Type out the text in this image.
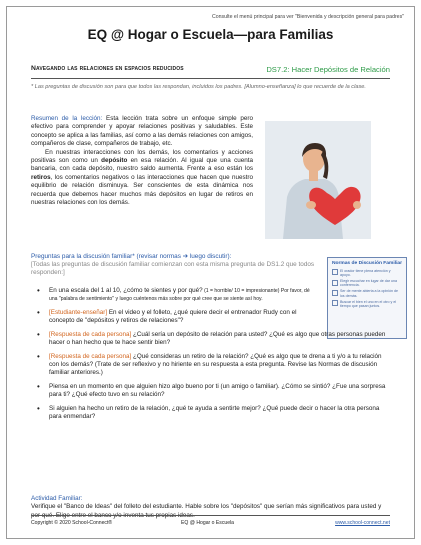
Consulte el menú principal para ver "Bienvenida y descripción general para padres"
EQ @ Hogar o Escuela—para Familias
Navegando las relaciones en espacios reducidos	DS7.2: Hacer Depósitos de Relación
* Las preguntas de discusión son para que todos las respondan, incluidos los padres. [Alumno-enseñanza] lo que recuerde de la clase.

Resumen de la lección: Esta lección trata sobre un enfoque simple pero efectivo para comprender y apoyar relaciones positivas y saludables. Este concepto se aplica a las familias, así como a las demás relaciones con amigos, compañeros de clase, compañeros de trabajo, etc.

En nuestras interacciones con los demás, los comentarios y acciones positivas son como un depósito en esa relación. Al igual que una cuenta bancaria, con cada depósito, nuestro saldo aumenta. Frente a eso están los retiros, los comentarios negativos o las interacciones que hacen que nuestro equilibrio de relación disminuya. Ser conscientes de esta dinámica nos recuerda que debemos hacer muchos más depósitos en lugar de retiros en nuestras relaciones con los demás.

Preguntas para la discusión familiar* (revisar normas ➔ luego discutir):
[Todas las preguntas de discusión familiar comienzan con esta misma pregunta de DS1.2 que todos responden:]
Normas de Discusión Familiar
El orador tiene plena atención y apoyo.
Elegir escuchar en lugar de dar una conferencia.
Ser de mente abierta a la opinión de los demás.
Buscar el bien el uno en el otro y el tiempo que pasan juntos.
• En una escala del 1 al 10, ¿cómo te sientes y por qué? (1 = horrible/ 10 = impresionante) Por favor, dé una "palabra de sentimiento" y luego cuéntenos más sobre por qué cree que se siente así hoy.
• [Estudiante-enseñar] En el video y el folleto, ¿qué quiere decir el entrenador Rudy con el concepto de "depósitos y retiros de relaciones"?
• [Respuesta de cada persona] ¿Cuál sería un depósito de relación para usted? ¿Qué es algo que otras personas pueden hacer o han hecho que te hace sentir bien?
• [Respuesta de cada persona] ¿Qué consideras un retiro de la relación? ¿Qué es algo que te drena a ti y/o a tu relación con los demás? (Trate de ser reflexivo y no hiriente en su respuesta a esta pregunta. Revise las Normas de discusión familiar anteriores.)
• Piensa en un momento en que alguien hizo algo bueno por ti (un amigo o familiar). ¿Cómo se sintió? ¿Fue una sorpresa para ti? ¿Qué efecto tuvo en su relación?
• Si alguien ha hecho un retiro de la relación, ¿qué te ayuda a sentirte mejor? ¿Qué puede decir o hacer la otra persona para enmendar?
Actividad Familiar:
Verifique el "Banco de Ideas" del folleto del estudiante. Hable sobre los "depósitos" que serían más significativos para usted y
Copyright © 2020 School-Connect®	EQ @ Hogar o Escuela	www.school-connect.net
